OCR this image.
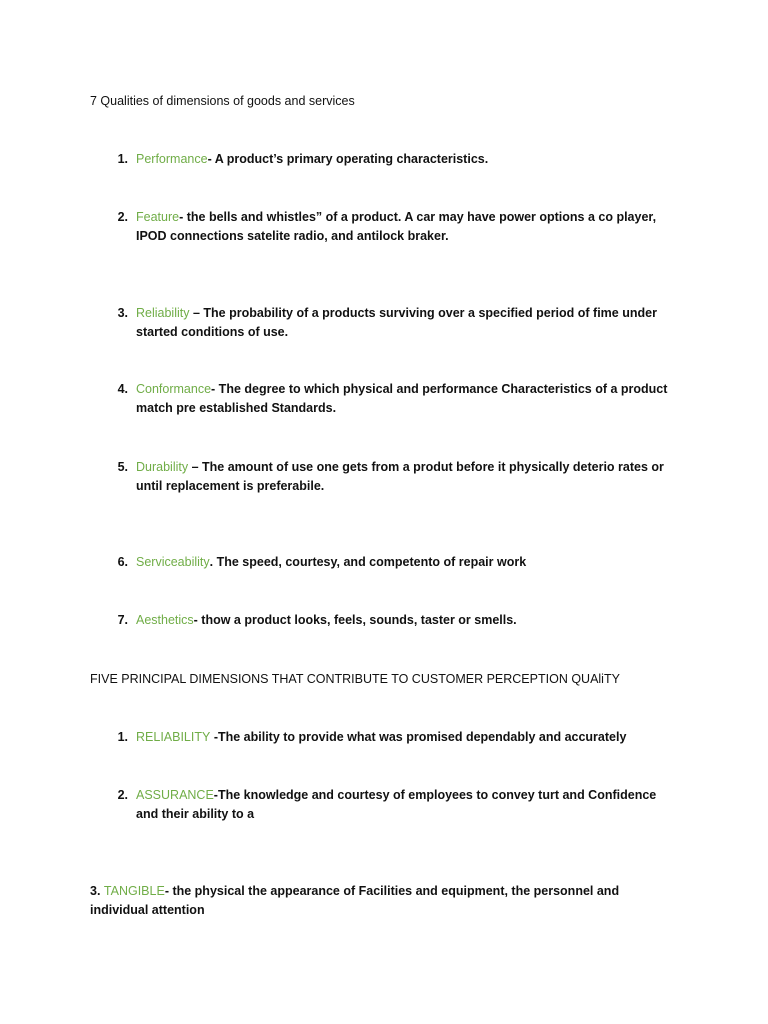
7 Qualities of dimensions of goods and services
1. Performance- A product’s primary operating characteristics.
2. Feature- the bells and whistles” of a product. A car may have power options a co player, IPOD connections satelite radio, and antilock braker.
3. Reliability – The probability of a products surviving over a specified period of fime under started conditions of use.
4. Conformance- The degree to which physical and performance Characteristics of a product match pre established Standards.
5. Durability – The amount of use one gets from a produt before it physically deterio rates or until replacement is preferabile.
6. Serviceability. The speed, courtesy, and competento of repair work
7. Aesthetics- thow a product looks, feels, sounds, taster or smells.
FIVE PRINCIPAL DIMENSIONS THAT CONTRIBUTE TO CUSTOMER PERCEPTION QUAliTY
1. RELIABILITY -The ability to provide what was promised dependably and accurately
2. ASSURANCE-The knowledge and courtesy of employees to convey turt and Confidence and their ability to a
3. TANGIBLE- the physical the appearance of Facilities and equipment, the personnel and individual attention
